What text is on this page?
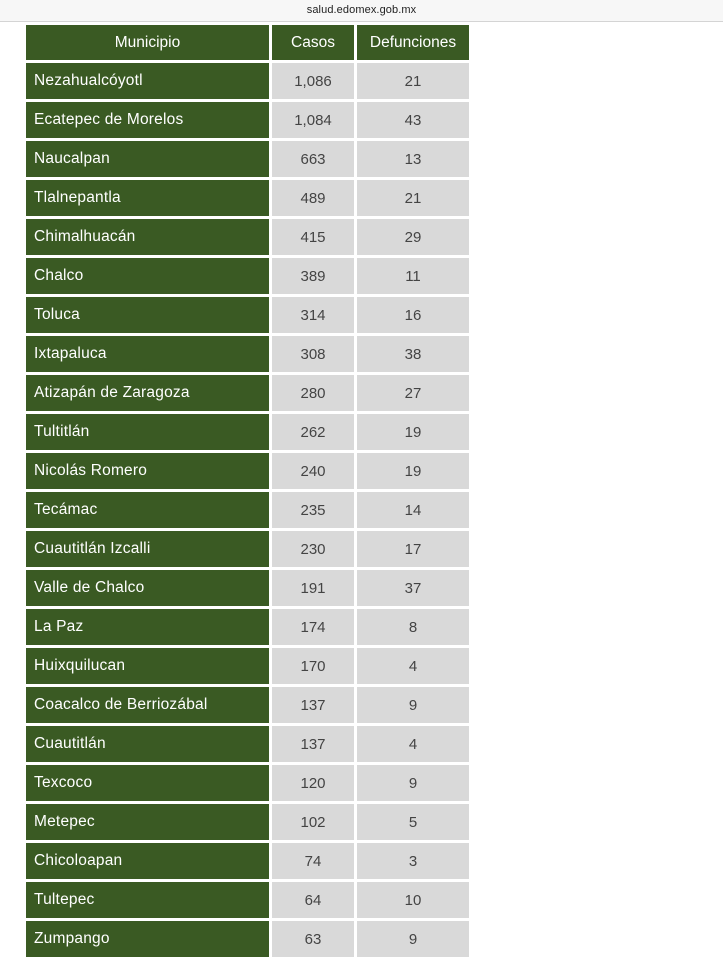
salud.edomex.gob.mx
Municipio		Casos		Defunciones
Nezahualcóyotl		1,086		21
Ecatepec de Morelos		1,084		43
Naucalpan		663		13
Tlalnepantla		489		21
Chimalhuacán		415		29
Chalco		389		11
Toluca		314		16
Ixtapaluca		308		38
Atizapán de Zaragoza		280		27
Tultitlán		262		19
Nicolás Romero		240		19
Tecámac		235		14
Cuautitlán Izcalli		230		17
Valle de Chalco		191		37
La Paz		174		8
Huixquilucan		170		4
Coacalco de Berriozábal		137		9
Cuautitlán		137		4
Texcoco		120		9
Metepec		102		5
Chicoloapan		74		3
Tultepec		64		10
Zumpango		63		9
